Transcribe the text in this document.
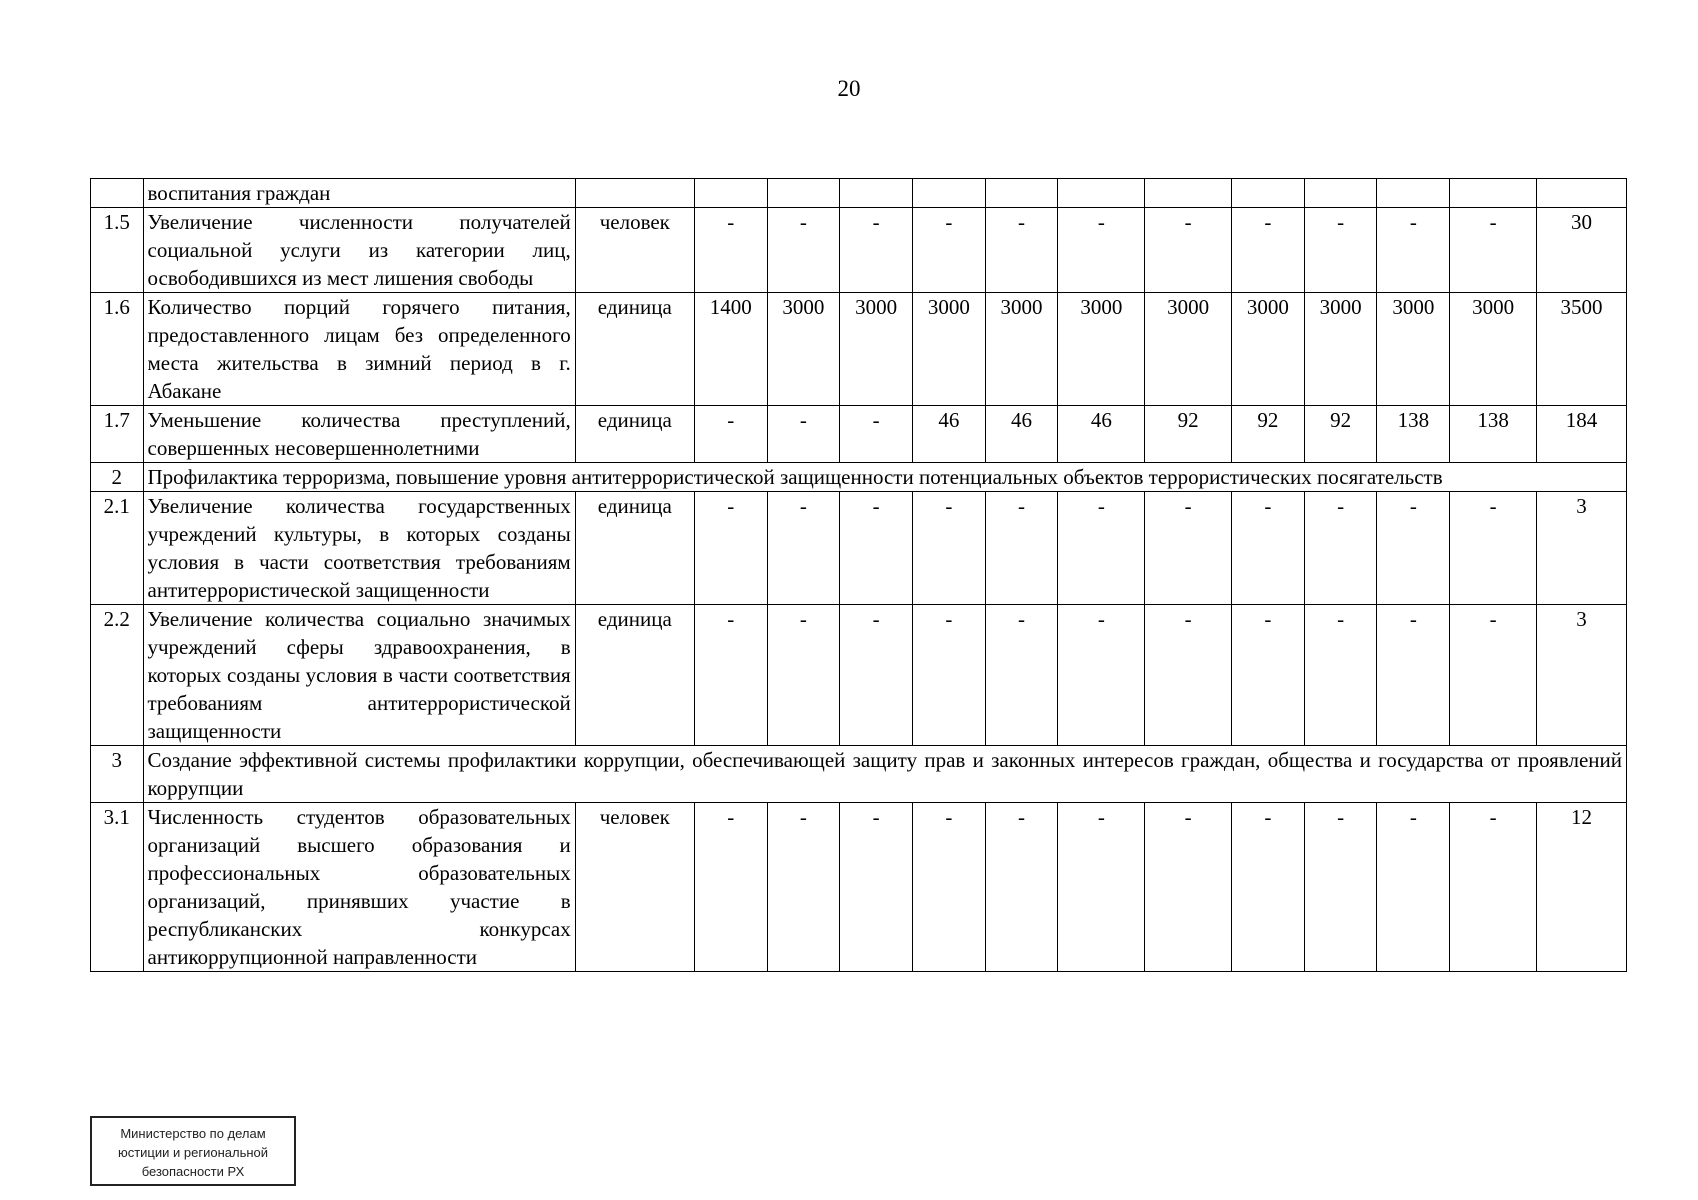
20
	воспитания граждан													
1.5	Увеличение численности получателей социальной услуги из категории лиц, освободившихся из мест лишения свободы	человек	-	-	-	-	-	-	-	-	-	-	-	30
1.6	Количество порций горячего питания, предоставленного лицам без определенного места жительства в зимний период в г. Абакане	единица	1400	3000	3000	3000	3000	3000	3000	3000	3000	3000	3000	3500
1.7	Уменьшение количества преступлений, совершенных несовершеннолетними	единица	-	-	-	46	46	46	92	92	92	138	138	184
2	Профилактика терроризма, повышение уровня антитеррористической защищенности потенциальных объектов террористических посягательств													
2.1	Увеличение количества государственных учреждений культуры, в которых созданы условия в части соответствия требованиям антитеррористической защищенности	единица	-	-	-	-	-	-	-	-	-	-	-	3
2.2	Увеличение количества социально значимых учреждений сферы здравоохранения, в которых созданы условия в части соответствия требованиям антитеррористической защищенности	единица	-	-	-	-	-	-	-	-	-	-	-	3
3	Создание эффективной системы профилактики коррупции, обеспечивающей защиту прав и законных интересов граждан, общества и государства от проявлений коррупции													
3.1	Численность студентов образовательных организаций высшего образования и профессиональных образовательных организаций, принявших участие в республиканских конкурсах антикоррупционной направленности	человек	-	-	-	-	-	-	-	-	-	-	-	12
Министерство по делам
юстиции и региональной
безопасности РХ
